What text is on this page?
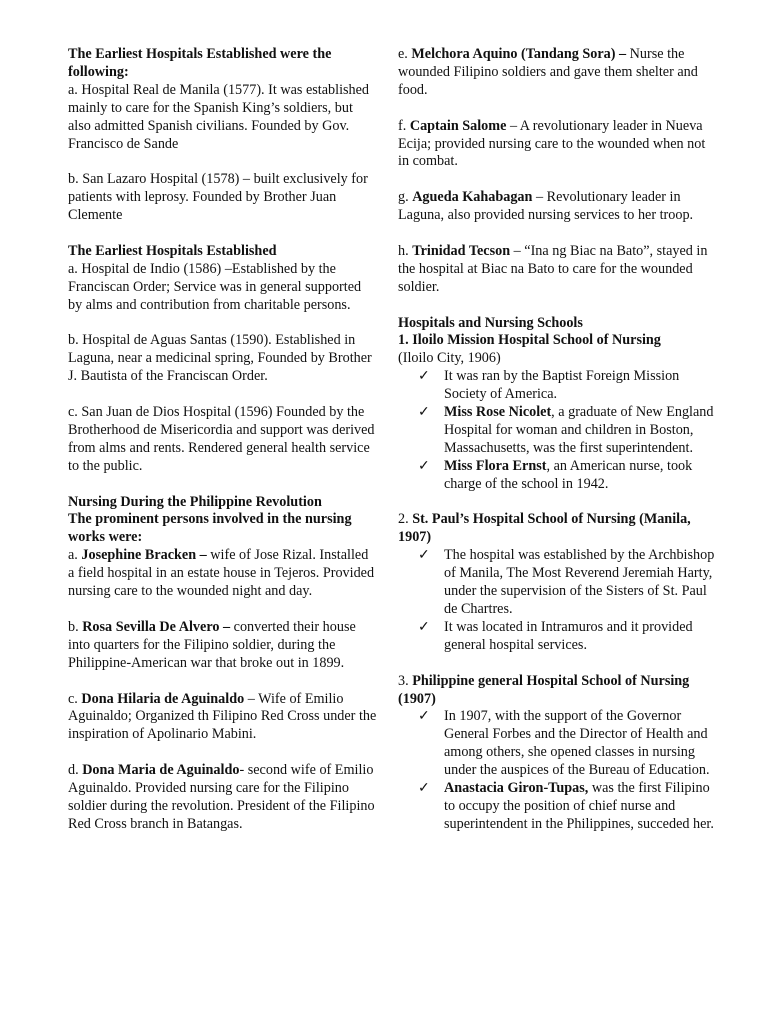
The Earliest Hospitals Established were the following:
a. Hospital Real de Manila (1577). It was established mainly to care for the Spanish King’s soldiers, but also admitted Spanish civilians. Founded by Gov. Francisco de Sande
b. San Lazaro Hospital (1578) – built exclusively for patients with leprosy. Founded by Brother Juan Clemente
The Earliest Hospitals Established
a. Hospital de Indio (1586) –Established by the Franciscan Order; Service was in general supported by alms and contribution from charitable persons.
b. Hospital de Aguas Santas (1590). Established in Laguna, near a medicinal spring, Founded by Brother J. Bautista of the Franciscan Order.
c. San Juan de Dios Hospital (1596) Founded by the Brotherhood de Misericordia and support was derived from alms and rents. Rendered general health service to the public.
Nursing During the Philippine Revolution
The prominent persons involved in the nursing works were:
a. Josephine Bracken – wife of Jose Rizal. Installed a field hospital in an estate house in Tejeros. Provided nursing care to the wounded night and day.
b. Rosa Sevilla De Alvero – converted their house into quarters for the Filipino soldier, during the Philippine-American war that broke out in 1899.
c. Dona Hilaria de Aguinaldo – Wife of Emilio Aguinaldo; Organized th Filipino Red Cross under the inspiration of Apolinario Mabini.
d. Dona Maria de Aguinaldo- second wife of Emilio Aguinaldo. Provided nursing care for the Filipino soldier during the revolution. President of the Filipino Red Cross branch in Batangas.
e. Melchora Aquino (Tandang Sora) – Nurse the wounded Filipino soldiers and gave them shelter and food.
f. Captain Salome – A revolutionary leader in Nueva Ecija; provided nursing care to the wounded when not in combat.
g. Agueda Kahabagan – Revolutionary leader in Laguna, also provided nursing services to her troop.
h. Trinidad Tecson – “Ina ng Biac na Bato”, stayed in the hospital at Biac na Bato to care for the wounded soldier.
Hospitals and Nursing Schools
1. Iloilo Mission Hospital School of Nursing
(Iloilo City, 1906)
✓ It was ran by the Baptist Foreign Mission Society of America.
✓ Miss Rose Nicolet, a graduate of New England Hospital for woman and children in Boston, Massachusetts, was the first superintendent.
✓ Miss Flora Ernst, an American nurse, took charge of the school in 1942.
2. St. Paul’s Hospital School of Nursing (Manila, 1907)
✓ The hospital was established by the Archbishop of Manila, The Most Reverend Jeremiah Harty, under the supervision of the Sisters of St. Paul de Chartres.
✓ It was located in Intramuros and it provided general hospital services.
3. Philippine general Hospital School of Nursing (1907)
✓ In 1907, with the support of the Governor General Forbes and the Director of Health and among others, she opened classes in nursing under the auspices of the Bureau of Education.
✓ Anastacia Giron-Tupas, was the first Filipino to occupy the position of chief nurse and superintendent in the Philippines, succeded her.
